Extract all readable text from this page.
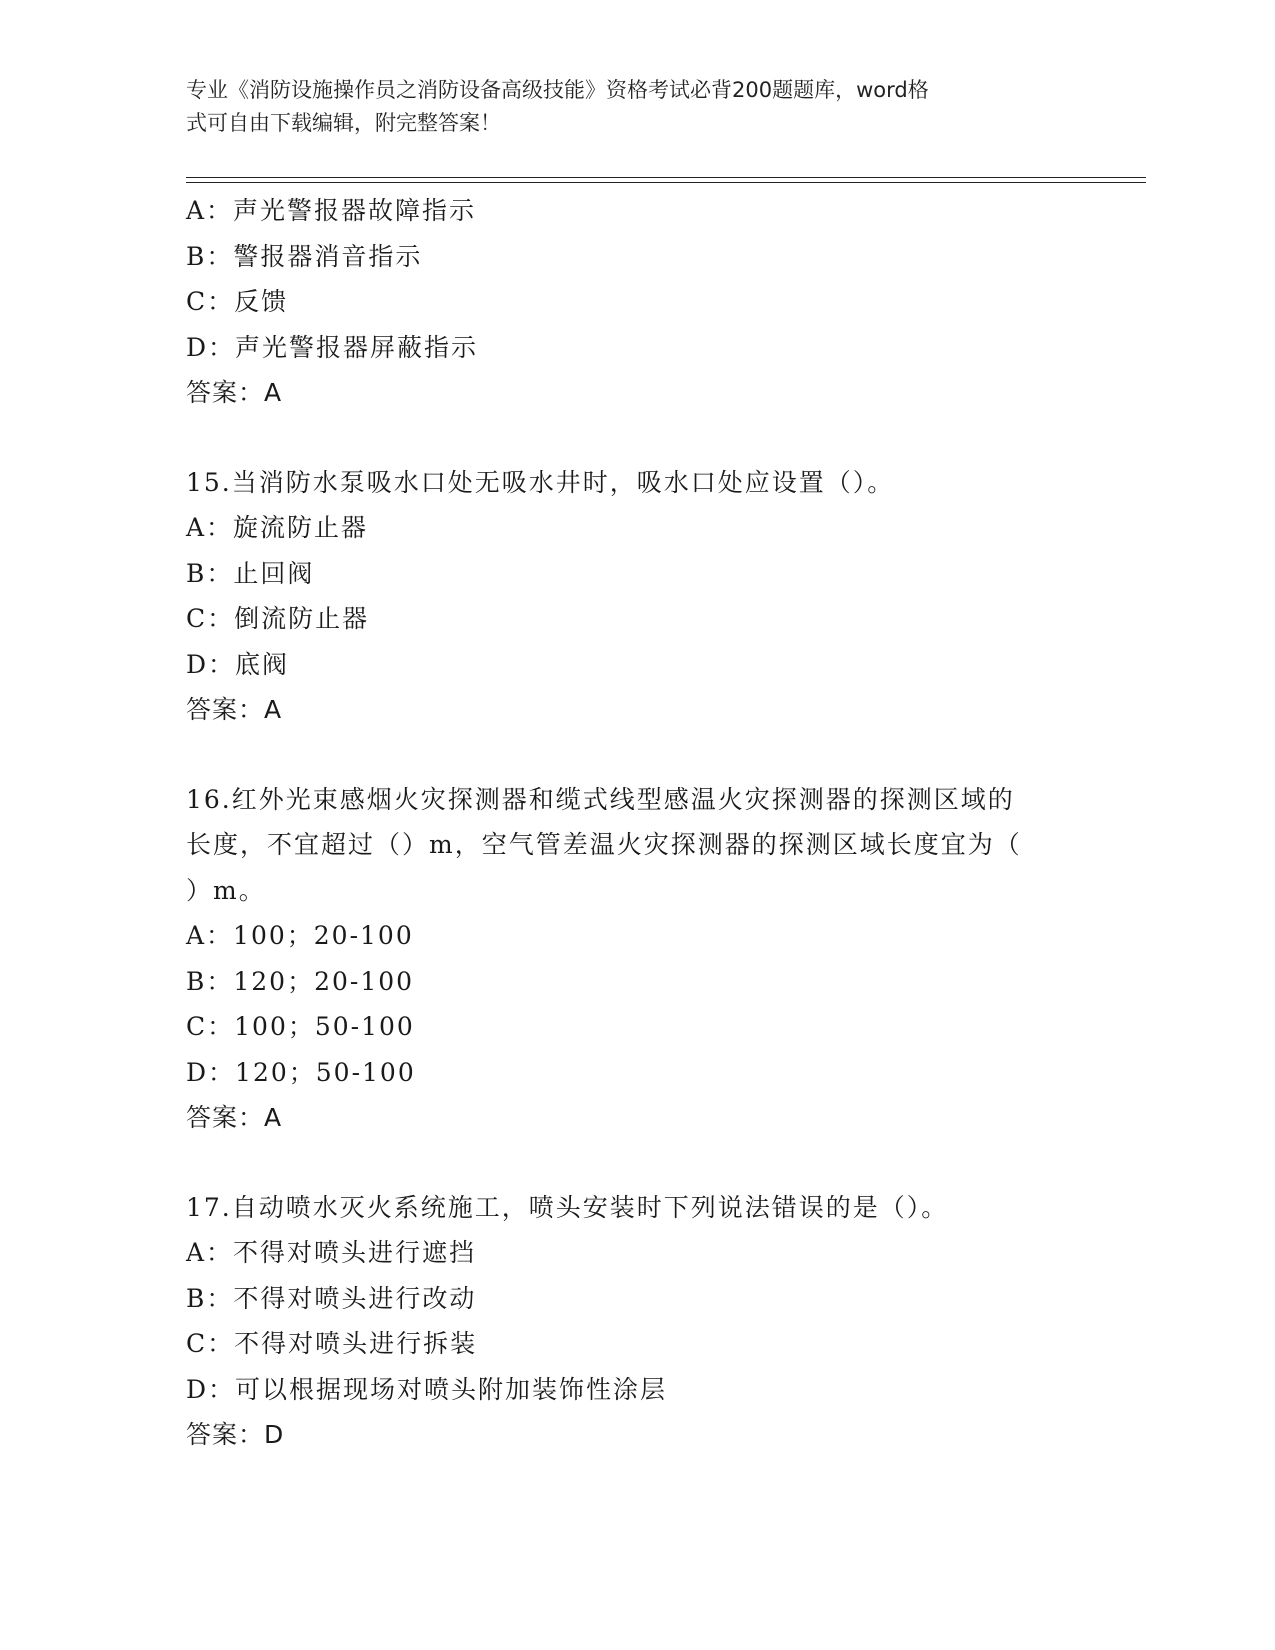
专业《消防设施操作员之消防设备高级技能》资格考试必背200题题库，word格
式可自由下载编辑，附完整答案！
A：声光警报器故障指示
B：警报器消音指示
C：反馈
D：声光警报器屏蔽指示
答案：A
15.当消防水泵吸水口处无吸水井时，吸水口处应设置（）。
A：旋流防止器
B：止回阀
C：倒流防止器
D：底阀
答案：A
16.红外光束感烟火灾探测器和缆式线型感温火灾探测器的探测区域的
长度，不宜超过（）m，空气管差温火灾探测器的探测区域长度宜为（
）m。
A：100；20-100
B：120；20-100
C：100；50-100
D：120；50-100
答案：A
17.自动喷水灭火系统施工，喷头安装时下列说法错误的是（）。
A：不得对喷头进行遮挡
B：不得对喷头进行改动
C：不得对喷头进行拆装
D：可以根据现场对喷头附加装饰性涂层
答案：D
